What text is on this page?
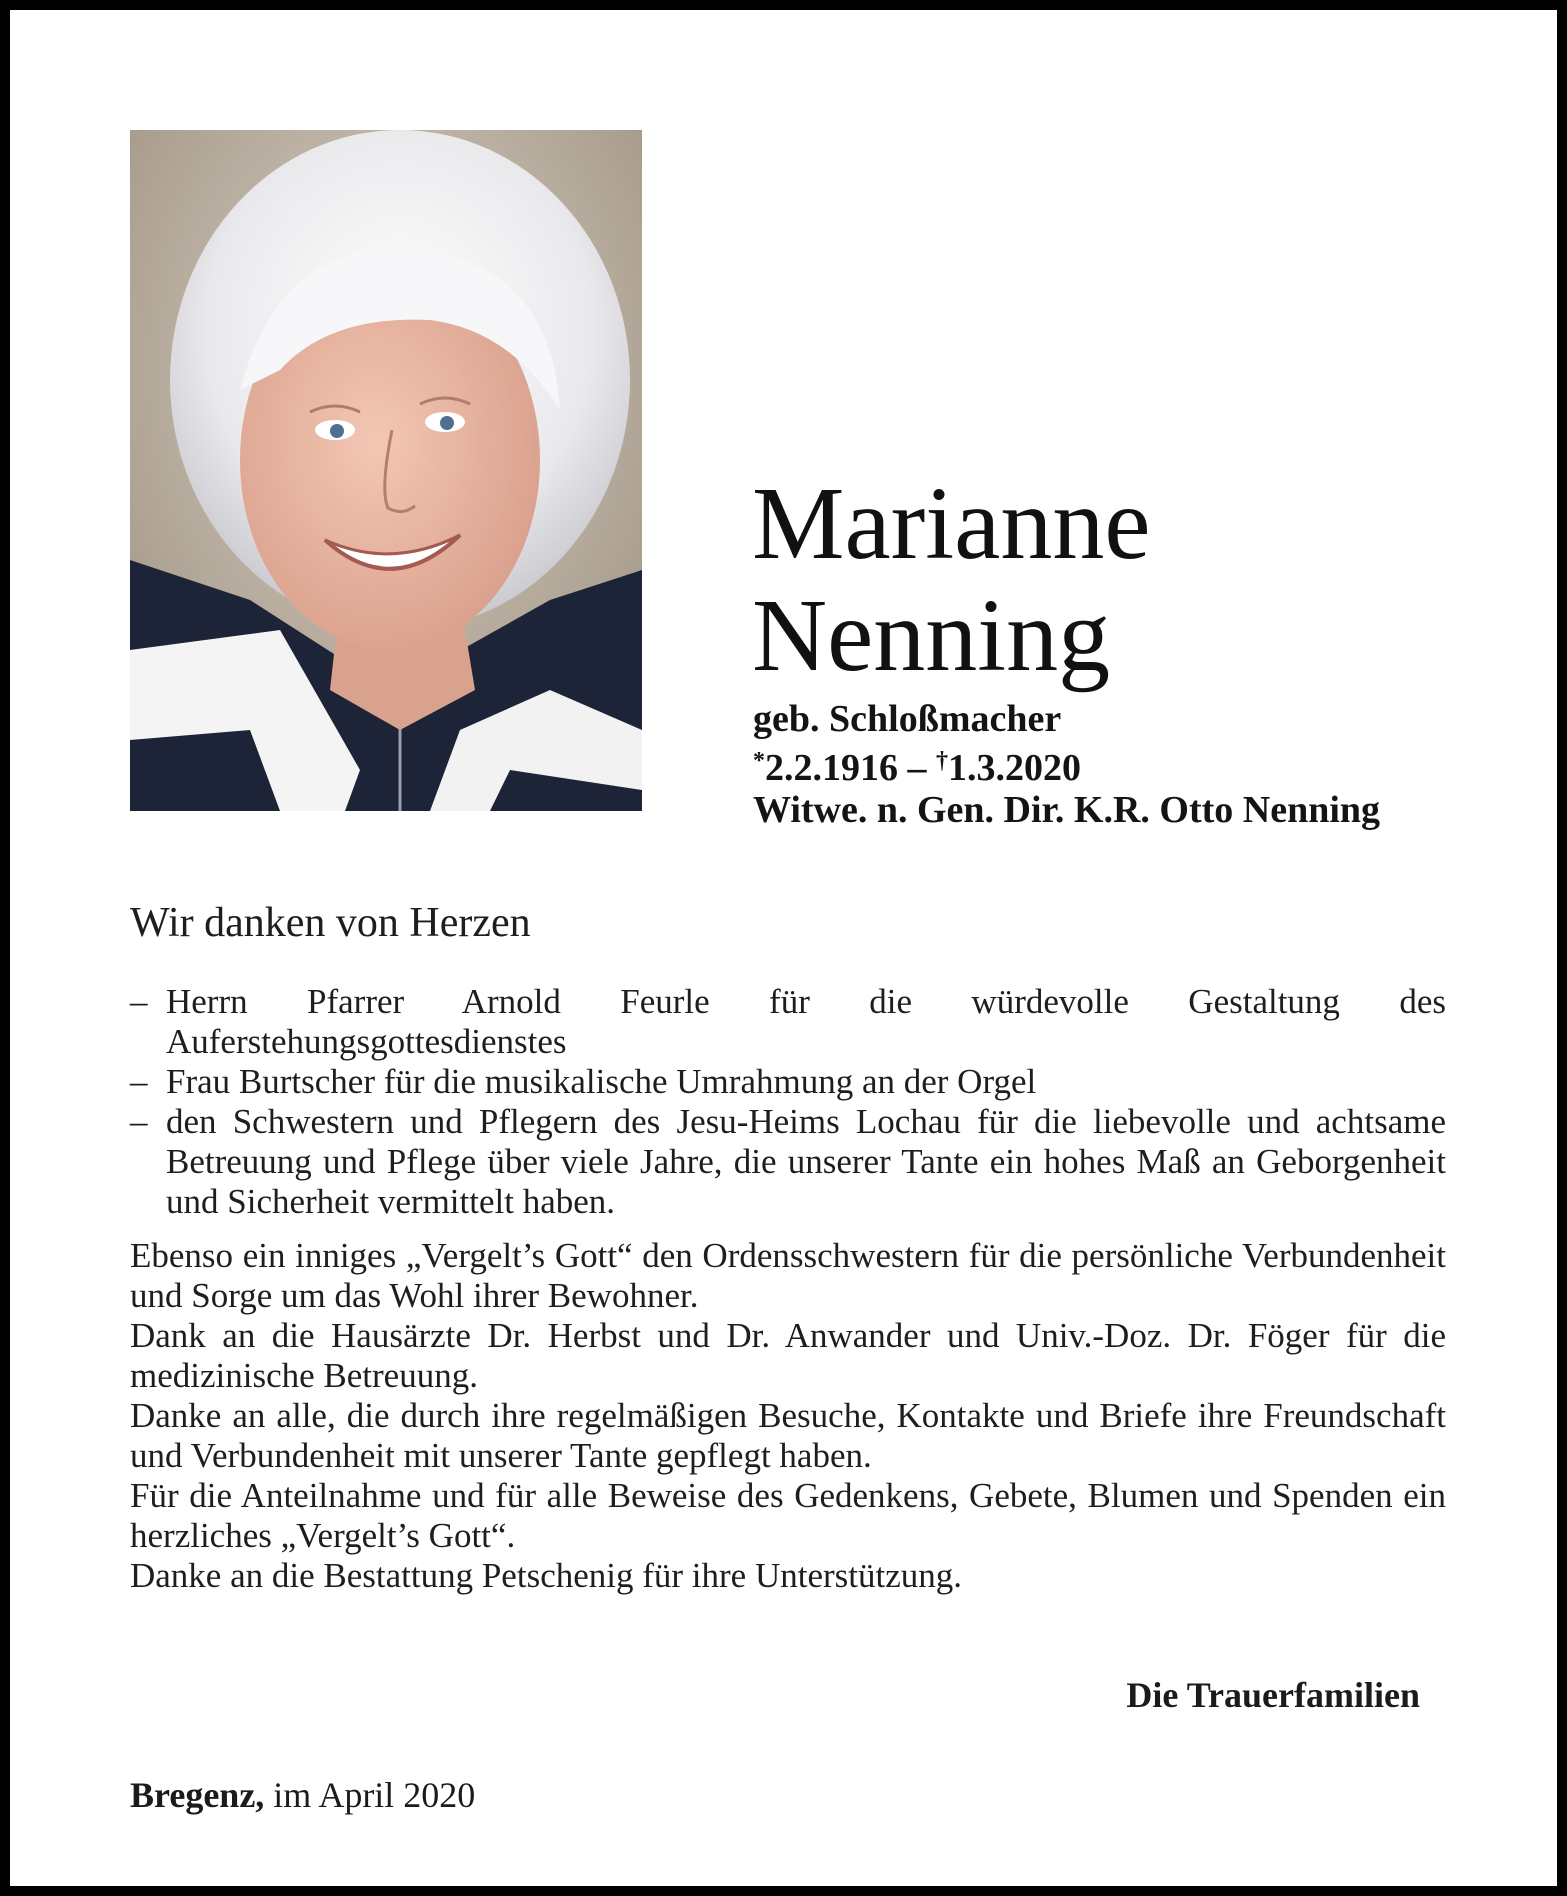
Marianne
Nenning
geb. Schloßmacher
*2.2.1916 – †1.3.2020
Witwe. n. Gen. Dir. K.R. Otto Nenning
Wir danken von Herzen
– Herrn Pfarrer Arnold Feurle für die würdevolle Gestaltung des Auferstehungsgottesdienstes
– Frau Burtscher für die musikalische Umrahmung an der Orgel
– den Schwestern und Pflegern des Jesu-Heims Lochau für die liebevolle und achtsame Betreuung und Pflege über viele Jahre, die unserer Tante ein hohes Maß an Geborgenheit und Sicherheit vermittelt haben.

Ebenso ein inniges „Vergelt’s Gott“ den Ordensschwestern für die persönliche Verbundenheit und Sorge um das Wohl ihrer Bewohner.

Dank an die Hausärzte Dr. Herbst und Dr. Anwander und Univ.-Doz. Dr. Föger für die medizinische Betreuung.

Danke an alle, die durch ihre regelmäßigen Besuche, Kontakte und Briefe ihre Freundschaft und Verbundenheit mit unserer Tante gepflegt haben.

Für die Anteilnahme und für alle Beweise des Gedenkens, Gebete, Blumen und Spenden ein herzliches „Vergelt’s Gott“.

Danke an die Bestattung Petschenig für ihre Unterstützung.

Die Trauerfamilien
Bregenz, im April 2020
